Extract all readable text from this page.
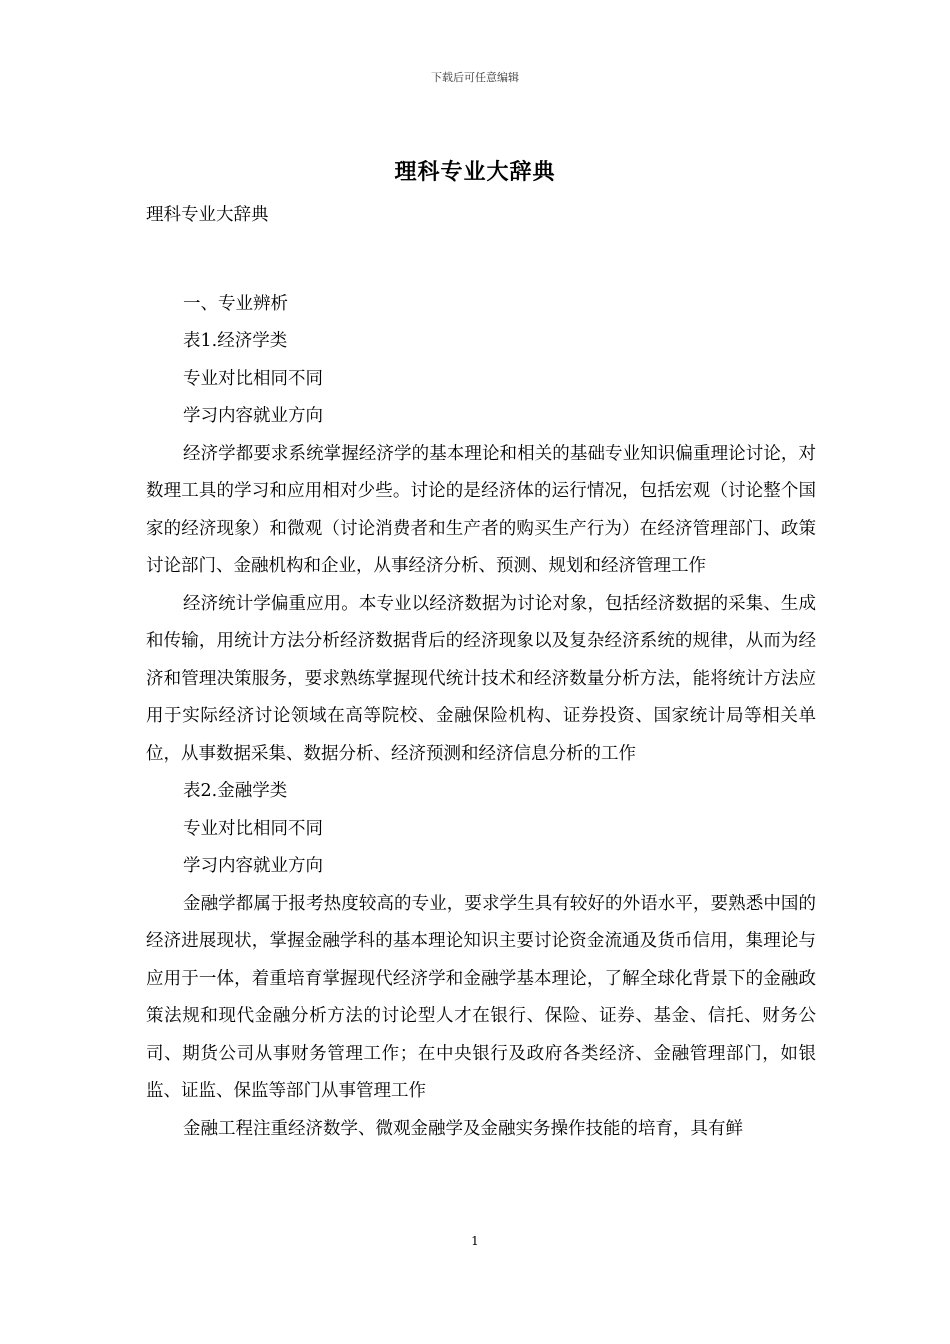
下载后可任意编辑
理科专业大辞典

理科专业大辞典

一、专业辨析

表1.经济学类

专业对比相同不同

学习内容就业方向

经济学都要求系统掌握经济学的基本理论和相关的基础专业知识偏重理论讨论，对数理工具的学习和应用相对少些。讨论的是经济体的运行情况，包括宏观（讨论整个国家的经济现象）和微观（讨论消费者和生产者的购买生产行为）在经济管理部门、政策讨论部门、金融机构和企业，从事经济分析、预测、规划和经济管理工作

经济统计学偏重应用。本专业以经济数据为讨论对象，包括经济数据的采集、生成和传输，用统计方法分析经济数据背后的经济现象以及复杂经济系统的规律，从而为经济和管理决策服务，要求熟练掌握现代统计技术和经济数量分析方法，能将统计方法应用于实际经济讨论领域在高等院校、金融保险机构、证券投资、国家统计局等相关单位，从事数据采集、数据分析、经济预测和经济信息分析的工作

表2.金融学类

专业对比相同不同

学习内容就业方向

金融学都属于报考热度较高的专业，要求学生具有较好的外语水平，要熟悉中国的经济进展现状，掌握金融学科的基本理论知识主要讨论资金流通及货币信用，集理论与应用于一体，着重培育掌握现代经济学和金融学基本理论，了解全球化背景下的金融政策法规和现代金融分析方法的讨论型人才在银行、保险、证券、基金、信托、财务公司、期货公司从事财务管理工作；在中央银行及政府各类经济、金融管理部门，如银监、证监、保监等部门从事管理工作

金融工程注重经济数学、微观金融学及金融实务操作技能的培育，具有鲜

1
